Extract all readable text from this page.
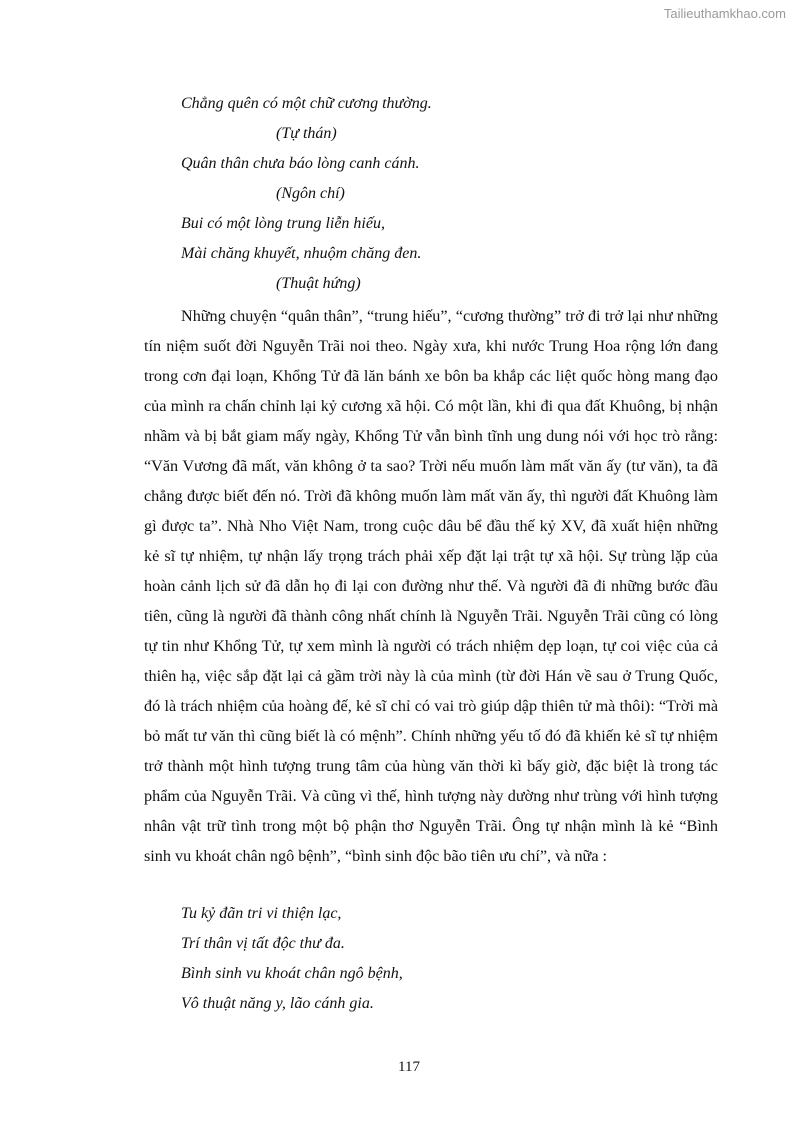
Tailieuthamkhao.com
Chẳng quên có một chữ cương thường.
(Tự thán)
Quân thân chưa báo lòng canh cánh.
(Ngôn chí)
Bui có một lòng trung liễn hiếu,
Mài chăng khuyết, nhuộm chăng đen.
(Thuật hứng)

Những chuyện “quân thân”, “trung hiếu”, “cương thường” trở đi trở lại như những tín niệm suốt đời Nguyễn Trãi noi theo. Ngày xưa, khi nước Trung Hoa rộng lớn đang trong cơn đại loạn, Khổng Tử đã lăn bánh xe bôn ba khắp các liệt quốc hòng mang đạo của mình ra chấn chỉnh lại kỷ cương xã hội. Có một lần, khi đi qua đất Khuông, bị nhận nhầm và bị bắt giam mấy ngày, Khổng Tử vẫn bình tĩnh ung dung nói với học trò rằng: “Văn Vương đã mất, văn không ở ta sao? Trời nếu muốn làm mất văn ấy (tư văn), ta đã chẳng được biết đến nó. Trời đã không muốn làm mất văn ấy, thì người đất Khuông làm gì được ta”. Nhà Nho Việt Nam, trong cuộc dâu bể đầu thế kỷ XV, đã xuất hiện những kẻ sĩ tự nhiệm, tự nhận lấy trọng trách phải xếp đặt lại trật tự xã hội. Sự trùng lặp của hoàn cảnh lịch sử đã dẫn họ đi lại con đường như thế. Và người đã đi những bước đầu tiên, cũng là người đã thành công nhất chính là Nguyễn Trãi. Nguyễn Trãi cũng có lòng tự tin như Khổng Tử, tự xem mình là người có trách nhiệm dẹp loạn, tự coi việc của cả thiên hạ, việc sắp đặt lại cả gầm trời này là của mình (từ đời Hán về sau ở Trung Quốc, đó là trách nhiệm của hoàng đế, kẻ sĩ chỉ có vai trò giúp dập thiên tử mà thôi): “Trời mà bỏ mất tư văn thì cũng biết là có mệnh”. Chính những yếu tố đó đã khiến kẻ sĩ tự nhiệm trở thành một hình tượng trung tâm của hùng văn thời kì bấy giờ, đặc biệt là trong tác phẩm của Nguyễn Trãi. Và cũng vì thế, hình tượng này dường như trùng với hình tượng nhân vật trữ tình trong một bộ phận thơ Nguyễn Trãi. Ông tự nhận mình là kẻ “Bình sinh vu khoát chân ngô bệnh”, “bình sinh độc bão tiên ưu chí”, và nữa :

Tu kỷ đãn tri vi thiện lạc,
Trí thân vị tất độc thư đa.
Bình sinh vu khoát chân ngô bệnh,
Vô thuật năng y, lão cánh gia.
117
